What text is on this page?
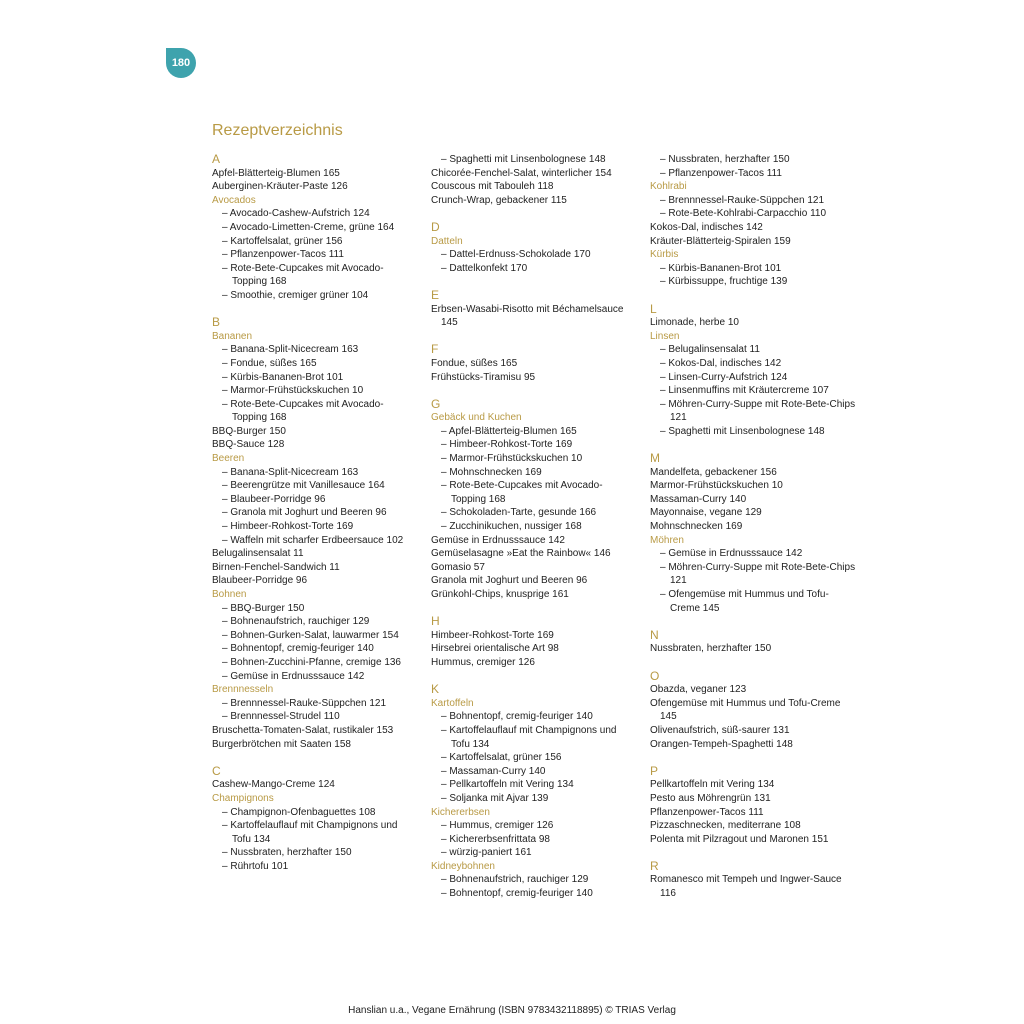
180
Rezeptverzeichnis
A
Apfel-Blätterteig-Blumen 165
Auberginen-Kräuter-Paste 126
Avocados
– Avocado-Cashew-Aufstrich 124
– Avocado-Limetten-Creme, grüne 164
– Kartoffelsalat, grüner 156
– Pflanzenpower-Tacos 111
– Rote-Bete-Cupcakes mit Avocado-Topping 168
– Smoothie, cremiger grüner 104
B
Bananen
– Banana-Split-Nicecream 163
– Fondue, süßes 165
– Kürbis-Bananen-Brot 101
– Marmor-Frühstückskuchen 10
– Rote-Bete-Cupcakes mit Avocado-Topping 168
BBQ-Burger 150
BBQ-Sauce 128
Beeren
– Banana-Split-Nicecream 163
– Beerengrütze mit Vanillesauce 164
– Blaubeer-Porridge 96
– Granola mit Joghurt und Beeren 96
– Himbeer-Rohkost-Torte 169
– Waffeln mit scharfer Erdbeersauce 102
Belugalinsensalat 11
Birnen-Fenchel-Sandwich 11
Blaubeer-Porridge 96
Bohnen
– BBQ-Burger 150
– Bohnenaufstrich, rauchiger 129
– Bohnen-Gurken-Salat, lauwarmer 154
– Bohnentopf, cremig-feuriger 140
– Bohnen-Zucchini-Pfanne, cremige 136
– Gemüse in Erdnusssauce 142
Brennnesseln
– Brennnessel-Rauke-Süppchen 121
– Brennnessel-Strudel 110
Bruschetta-Tomaten-Salat, rustikaler 153
Burgerbrötchen mit Saaten 158
C
Cashew-Mango-Creme 124
Champignons
– Champignon-Ofenbaguettes 108
– Kartoffelauflauf mit Champignons und Tofu 134
– Nussbraten, herzhafter 150
– Rührtofu 101
– Spaghetti mit Linsenbolognese 148
Chicorée-Fenchel-Salat, winterlicher 154
Couscous mit Tabouleh 118
Crunch-Wrap, gebackener 115
D
Datteln
– Dattel-Erdnuss-Schokolade 170
– Dattelkonfekt 170
E
Erbsen-Wasabi-Risotto mit Béchamelsauce 145
F
Fondue, süßes 165
Frühstücks-Tiramisu 95
G
Gebäck und Kuchen
– Apfel-Blätterteig-Blumen 165
– Himbeer-Rohkost-Torte 169
– Marmor-Frühstückskuchen 10
– Mohnschnecken 169
– Rote-Bete-Cupcakes mit Avocado-Topping 168
– Schokoladen-Tarte, gesunde 166
– Zucchinikuchen, nussiger 168
Gemüse in Erdnusssauce 142
Gemüselasagne »Eat the Rainbow« 146
Gomasio 57
Granola mit Joghurt und Beeren 96
Grünkohl-Chips, knusprige 161
H
Himbeer-Rohkost-Torte 169
Hirsebrei orientalische Art 98
Hummus, cremiger 126
K
Kartoffeln
– Bohnentopf, cremig-feuriger 140
– Kartoffelauflauf mit Champignons und Tofu 134
– Kartoffelsalat, grüner 156
– Massaman-Curry 140
– Pellkartoffeln mit Vering 134
– Soljanka mit Ajvar 139
Kichererbsen
– Hummus, cremiger 126
– Kichererbsenfrittata 98
– würzig-paniert 161
Kidneybohnen
– Bohnenaufstrich, rauchiger 129
– Bohnentopf, cremig-feuriger 140
– Nussbraten, herzhafter 150
– Pflanzenpower-Tacos 111
Kohlrabi
– Brennnessel-Rauke-Süppchen 121
– Rote-Bete-Kohlrabi-Carpacchio 110
Kokos-Dal, indisches 142
Kräuter-Blätterteig-Spiralen 159
Kürbis
– Kürbis-Bananen-Brot 101
– Kürbissuppe, fruchtige 139
L
Limonade, herbe 10
Linsen
– Belugalinsensalat 11
– Kokos-Dal, indisches 142
– Linsen-Curry-Aufstrich 124
– Linsenmuffins mit Kräutercreme 107
– Möhren-Curry-Suppe mit Rote-Bete-Chips 121
– Spaghetti mit Linsenbolognese 148
M
Mandelfeta, gebackener 156
Marmor-Frühstückskuchen 10
Massaman-Curry 140
Mayonnaise, vegane 129
Mohnschnecken 169
Möhren
– Gemüse in Erdnusssauce 142
– Möhren-Curry-Suppe mit Rote-Bete-Chips 121
– Ofengemüse mit Hummus und Tofu-Creme 145
N
Nussbraten, herzhafter 150
O
Obazda, veganer 123
Ofengemüse mit Hummus und Tofu-Creme 145
Olivenaufstrich, süß-saurer 131
Orangen-Tempeh-Spaghetti 148
P
Pellkartoffeln mit Vering 134
Pesto aus Möhrengrün 131
Pflanzenpower-Tacos 111
Pizzaschnecken, mediterrane 108
Polenta mit Pilzragout und Maronen 151
R
Romanesco mit Tempeh und Ingwer-Sauce 116
Hanslian u.a., Vegane Ernährung (ISBN 9783432118895) © TRIAS Verlag
